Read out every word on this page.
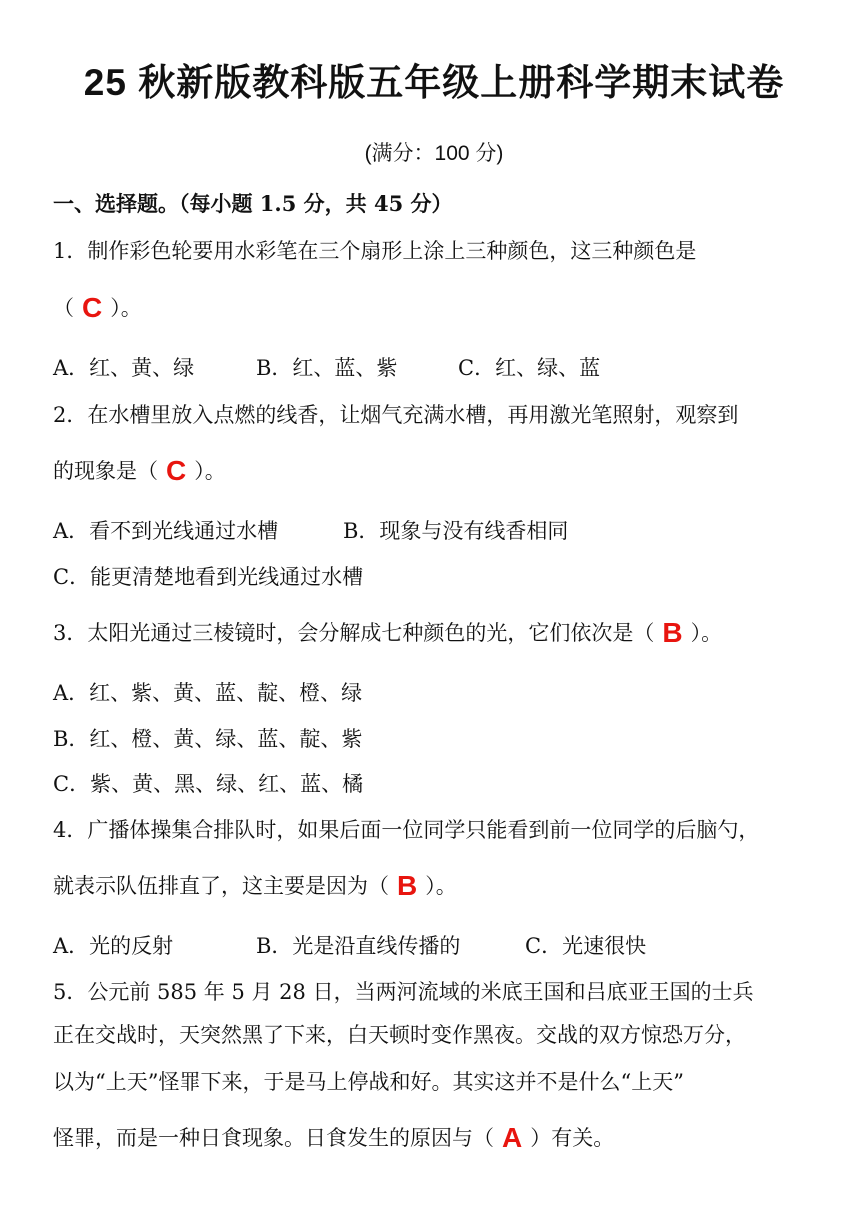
25 秋新版教科版五年级上册科学期末试卷
(满分：100 分)
一、选择题。（每小题 1.5 分，共 45 分）
1．制作彩色轮要用水彩笔在三个扇形上涂上三种颜色，这三种颜色是
（ C ）。
A．红、黄、绿	B．红、蓝、紫	C．红、绿、蓝
2．在水槽里放入点燃的线香，让烟气充满水槽，再用激光笔照射，观察到
的现象是（ C ）。
A．看不到光线通过水槽	B．现象与没有线香相同
C．能更清楚地看到光线通过水槽
3．太阳光通过三棱镜时，会分解成七种颜色的光，它们依次是（ B ）。
A．红、紫、黄、蓝、靛、橙、绿
B．红、橙、黄、绿、蓝、靛、紫
C．紫、黄、黑、绿、红、蓝、橘
4．广播体操集合排队时，如果后面一位同学只能看到前一位同学的后脑勺，
就表示队伍排直了，这主要是因为（ B ）。
A．光的反射	B．光是沿直线传播的	C．光速很快
5．公元前 585 年 5 月 28 日，当两河流域的米底王国和吕底亚王国的士兵
正在交战时，天突然黑了下来，白天顿时变作黑夜。交战的双方惊恐万分，
以为“上天”怪罪下来，于是马上停战和好。其实这并不是什么“上天”
怪罪，而是一种日食现象。日食发生的原因与（ A ）有关。
